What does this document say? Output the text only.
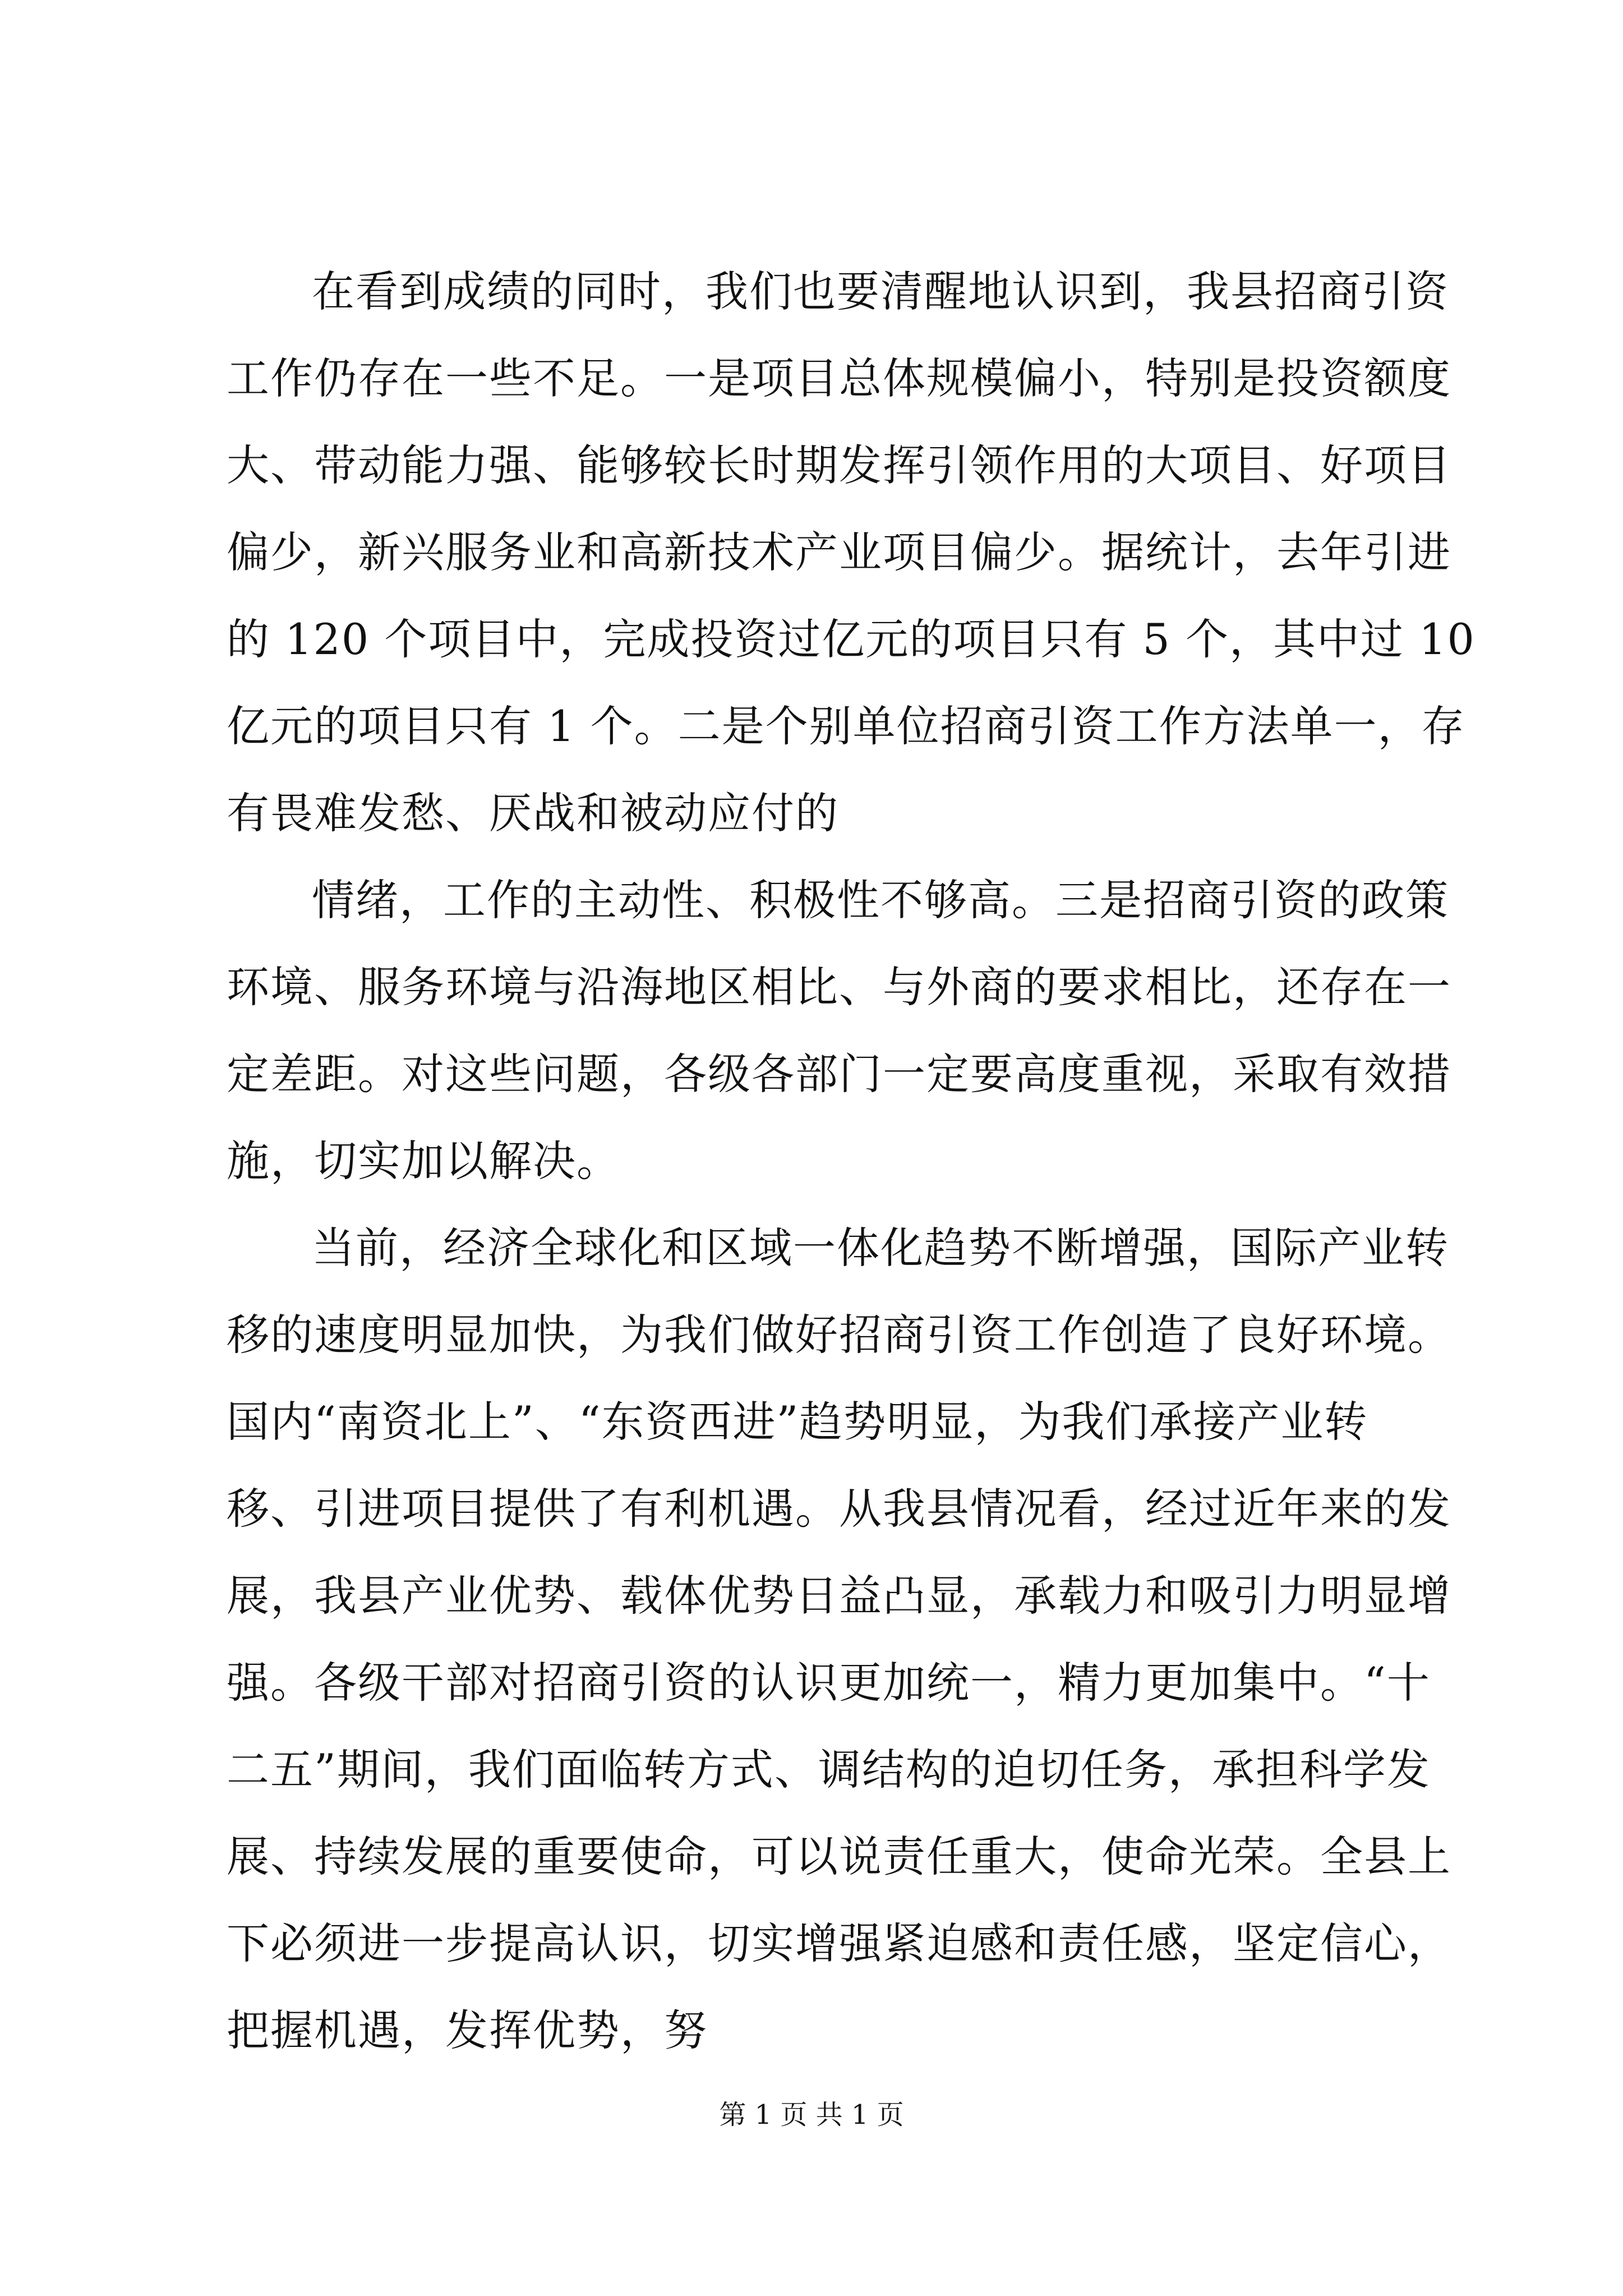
在看到成绩的同时，我们也要清醒地认识到，我县招商引资
工作仍存在一些不足。一是项目总体规模偏小，特别是投资额度
大、带动能力强、能够较长时期发挥引领作用的大项目、好项目
偏少，新兴服务业和高新技术产业项目偏少。据统计，去年引进
的 120 个项目中，完成投资过亿元的项目只有 5 个，其中过 10
亿元的项目只有 1 个。二是个别单位招商引资工作方法单一，存
有畏难发愁、厌战和被动应付的
情绪，工作的主动性、积极性不够高。三是招商引资的政策
环境、服务环境与沿海地区相比、与外商的要求相比，还存在一
定差距。对这些问题，各级各部门一定要高度重视，采取有效措
施，切实加以解决。
当前，经济全球化和区域一体化趋势不断增强，国际产业转
移的速度明显加快，为我们做好招商引资工作创造了良好环境。
国内“南资北上”、“东资西进”趋势明显，为我们承接产业转
移、引进项目提供了有利机遇。从我县情况看，经过近年来的发
展，我县产业优势、载体优势日益凸显，承载力和吸引力明显增
强。各级干部对招商引资的认识更加统一，精力更加集中。“十
二五”期间，我们面临转方式、调结构的迫切任务，承担科学发
展、持续发展的重要使命，可以说责任重大，使命光荣。全县上
下必须进一步提高认识，切实增强紧迫感和责任感，坚定信心，
把握机遇，发挥优势，努
第 1 页 共 1 页
